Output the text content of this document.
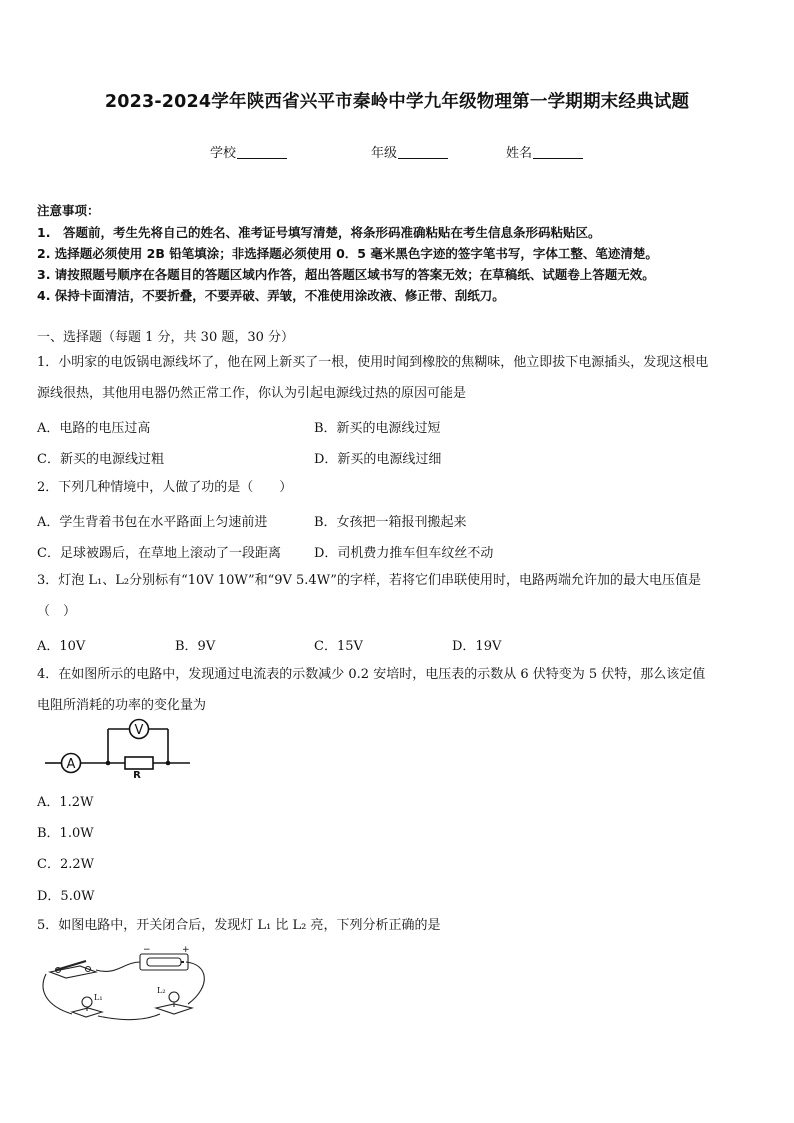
2023-2024学年陕西省兴平市秦岭中学九年级物理第一学期期末经典试题
学校	年级	姓名
注意事项：
1.　答题前，考生先将自己的姓名、准考证号填写清楚，将条形码准确粘贴在考生信息条形码粘贴区。
2. 选择题必须使用 2B 铅笔填涂；非选择题必须使用 0．5 毫米黑色字迹的签字笔书写，字体工整、笔迹清楚。
3. 请按照题号顺序在各题目的答题区域内作答，超出答题区域书写的答案无效；在草稿纸、试题卷上答题无效。
4. 保持卡面清洁，不要折叠，不要弄破、弄皱，不准使用涂改液、修正带、刮纸刀。
一、选择题（每题 1 分，共 30 题，30 分）
1．小明家的电饭锅电源线坏了，他在网上新买了一根，使用时闻到橡胶的焦糊味，他立即拔下电源插头，发现这根电
源线很热，其他用电器仍然正常工作，你认为引起电源线过热的原因可能是
A．电路的电压过高	B．新买的电源线过短
C．新买的电源线过粗	D．新买的电源线过细
2．下列几种情境中，人做了功的是（　　）
A．学生背着书包在水平路面上匀速前进	B．女孩把一箱报刊搬起来
C．足球被踢后，在草地上滚动了一段距离	D．司机费力推车但车纹丝不动
3．灯泡 L₁、L₂分别标有“10V 10W”和“9V 5.4W”的字样，若将它们串联使用时，电路两端允许加的最大电压值是
（　）
A．10V	B．9V	C．15V	D．19V
4．在如图所示的电路中，发现通过电流表的示数减少 0.2 安培时，电压表的示数从 6 伏特变为 5 伏特，那么该定值
电阻所消耗的功率的变化量为
A
V
R
A．1.2W
B．1.0W
C．2.2W
D．5.0W
5．如图电路中，开关闭合后，发现灯 L₁ 比 L₂ 亮，下列分析正确的是
−	+
L₁
L₂
